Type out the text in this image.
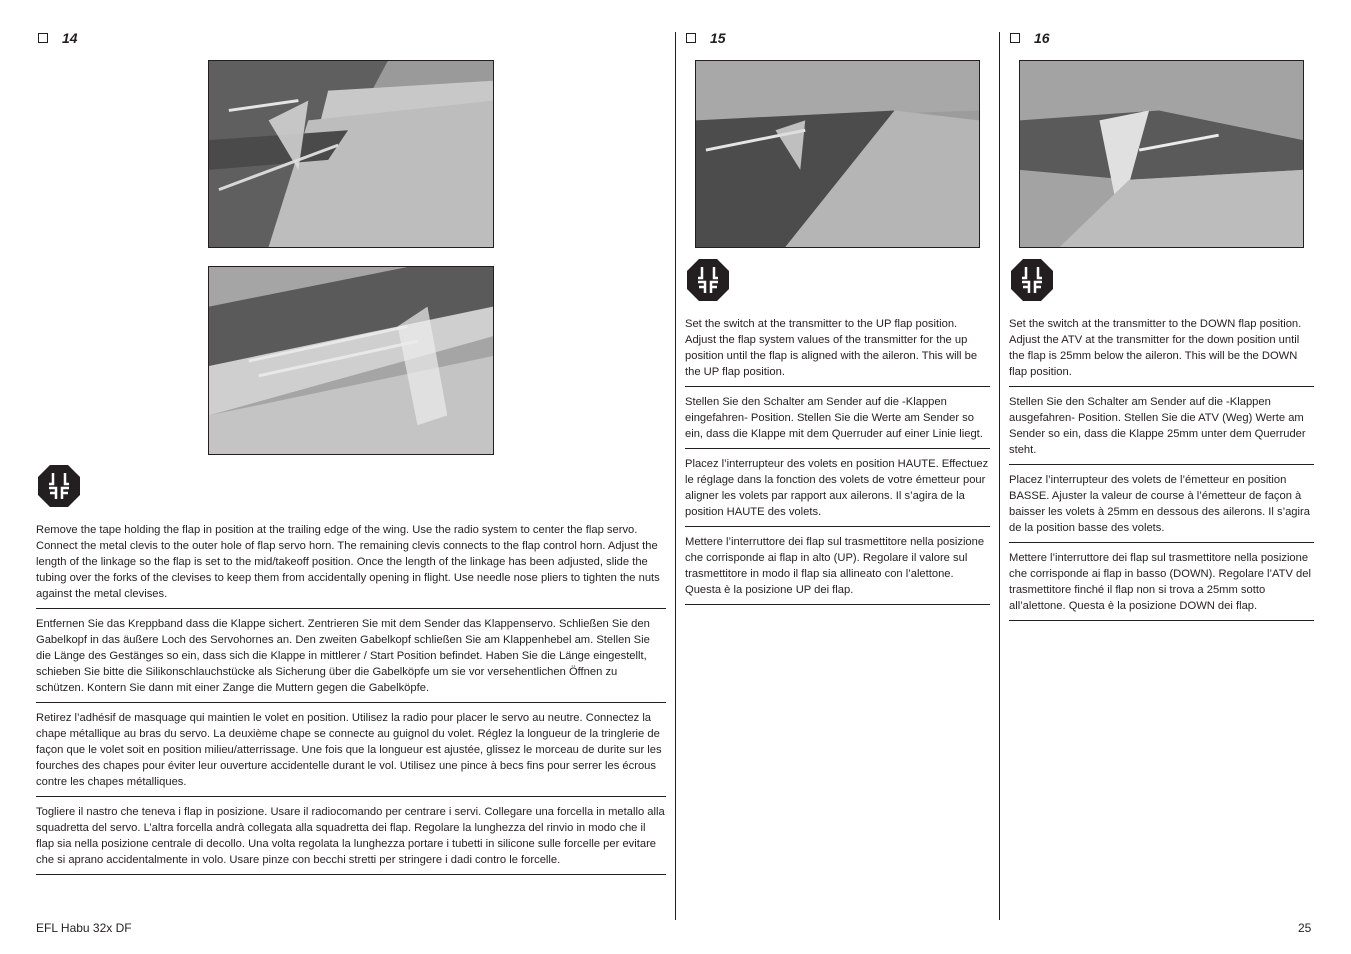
14	15	16
Remove the tape holding the flap in position at the trailing edge of the wing. Use the radio system to center the flap servo. Connect the metal clevis to the outer hole of flap servo horn. The remaining clevis connects to the flap control horn. Adjust the length of the linkage so the flap is set to the mid/takeoff position. Once the length of the linkage has been adjusted, slide the tubing over the forks of the clevises to keep them from accidentally opening in flight. Use needle nose pliers to tighten the nuts against the metal clevises.
Entfernen Sie das Kreppband dass die Klappe sichert. Zentrieren Sie mit dem Sender das Klappenservo. Schließen Sie den Gabelkopf in das äußere Loch des Servohornes an. Den zweiten Gabelkopf schließen Sie am Klappenhebel am. Stellen Sie die Länge des Gestänges so ein, dass sich die Klappe in mittlerer / Start Position befindet. Haben Sie die Länge eingestellt, schieben Sie bitte die Silikonschlauchstücke als Sicherung über die Gabelköpfe um sie vor versehentlichen Öffnen zu schützen. Kontern Sie dann mit einer Zange die Muttern gegen die Gabelköpfe.
Retirez l’adhésif de masquage qui maintien le volet en position. Utilisez la radio pour placer le servo au neutre. Connectez la chape métallique au bras du servo. La deuxième chape se connecte au guignol du volet. Réglez la longueur de la tringlerie de façon que le volet soit en position milieu/atterrissage. Une fois que la longueur est ajustée, glissez le morceau de durite sur les fourches des chapes pour éviter leur ouverture accidentelle durant le vol. Utilisez une pince à becs fins pour serrer les écrous contre les chapes métalliques.
Togliere il nastro che teneva i flap in posizione. Usare il radiocomando per centrare i servi. Collegare una forcella in metallo alla squadretta del servo. L’altra forcella andrà collegata alla squadretta dei flap. Regolare la lunghezza del rinvio in modo che il flap sia nella posizione centrale di decollo. Una volta regolata la lunghezza portare i tubetti in silicone sulle forcelle per evitare che si aprano accidentalmente in volo. Usare pinze con becchi stretti per stringere i dadi contro le forcelle.
Set the switch at the transmitter to the UP flap position. Adjust the flap system values of the transmitter for the up position until the flap is aligned with the aileron. This will be the UP flap position.
Stellen Sie den Schalter am Sender auf die -Klappen eingefahren- Position. Stellen Sie die Werte am Sender so ein, dass die Klappe mit dem Querruder auf einer Linie liegt.
Placez l’interrupteur des volets en position HAUTE. Effectuez le réglage dans la fonction des volets de votre émetteur pour aligner les volets par rapport aux ailerons. Il s’agira de la position HAUTE des volets.
Mettere l’interruttore dei flap sul trasmettitore nella posizione che corrisponde ai flap in alto (UP). Regolare il valore sul trasmettitore in modo il flap sia allineato con l’alettone. Questa è la posizione UP dei flap.
Set the switch at the transmitter to the DOWN flap position. Adjust the ATV at the transmitter for the down position until the flap is 25mm below the aileron. This will be the DOWN flap position.
Stellen Sie den Schalter am Sender auf die -Klappen ausgefahren- Position. Stellen Sie die ATV (Weg) Werte am Sender so ein, dass die Klappe 25mm unter dem Querruder steht.
Placez l’interrupteur des volets de l’émetteur en position BASSE. Ajuster la valeur de course à l’émetteur de façon à baisser les volets à 25mm en dessous des ailerons. Il s’agira de la position basse des volets.
Mettere l’interruttore dei flap sul trasmettitore nella posizione che corrisponde ai flap in basso (DOWN). Regolare l’ATV del trasmettitore finché il flap non si trova a 25mm sotto all’alettone. Questa è la posizione DOWN dei flap.
EFL Habu 32x DF	25
